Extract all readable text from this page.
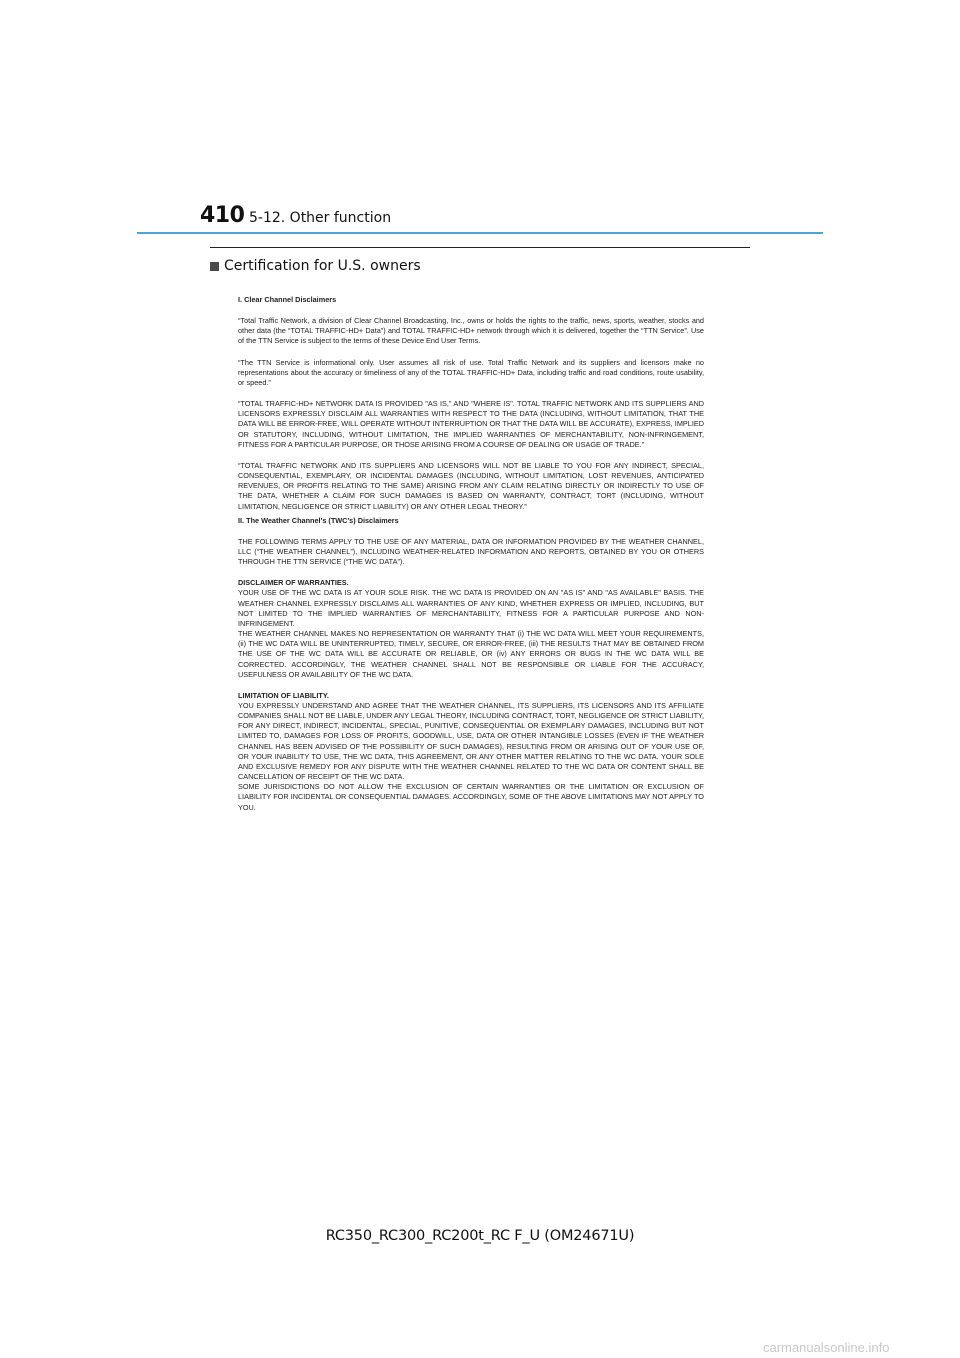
410 5-12. Other function
Certification for U.S. owners

I. Clear Channel Disclaimers

“Total Traffic Network, a division of Clear Channel Broadcasting, Inc., owns or holds the rights to the traffic, news, sports, weather, stocks and other data (the “TOTAL TRAFFIC-HD+ Data”) and TOTAL TRAFFIC-HD+ network through which it is delivered, together the “TTN Service”. Use of the TTN Service is subject to the terms of these Device End User Terms.

“The TTN Service is informational only. User assumes all risk of use. Total Traffic Network and its suppliers and licensors make no representations about the accuracy or timeliness of any of the TOTAL TRAFFIC-HD+ Data, including traffic and road conditions, route usability, or speed.”

“TOTAL TRAFFIC-HD+ NETWORK DATA IS PROVIDED "AS IS," AND "WHERE IS". TOTAL TRAFFIC NETWORK AND ITS SUPPLIERS AND LICENSORS EXPRESSLY DISCLAIM ALL WARRANTIES WITH RESPECT TO THE DATA (INCLUDING, WITHOUT LIMITATION, THAT THE DATA WILL BE ERROR-FREE, WILL OPERATE WITHOUT INTERRUPTION OR THAT THE DATA WILL BE ACCURATE), EXPRESS, IMPLIED OR STATUTORY, INCLUDING, WITHOUT LIMITATION, THE IMPLIED WARRANTIES OF MERCHANTABILITY, NON-INFRINGEMENT, FITNESS FOR A PARTICULAR PURPOSE, OR THOSE ARISING FROM A COURSE OF DEALING OR USAGE OF TRADE.”

“TOTAL TRAFFIC NETWORK AND ITS SUPPLIERS AND LICENSORS WILL NOT BE LIABLE TO YOU FOR ANY INDIRECT, SPECIAL, CONSEQUENTIAL, EXEMPLARY, OR INCIDENTAL DAMAGES (INCLUDING, WITHOUT LIMITATION, LOST REVENUES, ANTICIPATED REVENUES, OR PROFITS RELATING TO THE SAME) ARISING FROM ANY CLAIM RELATING DIRECTLY OR INDIRECTLY TO USE OF THE DATA, WHETHER A CLAIM FOR SUCH DAMAGES IS BASED ON WARRANTY, CONTRACT, TORT (INCLUDING, WITHOUT LIMITATION, NEGLIGENCE OR STRICT LIABILITY) OR ANY OTHER LEGAL THEORY.”

II. The Weather Channel's (TWC's) Disclaimers

THE FOLLOWING TERMS APPLY TO THE USE OF ANY MATERIAL, DATA OR INFORMATION PROVIDED BY THE WEATHER CHANNEL, LLC (“THE WEATHER CHANNEL”), INCLUDING WEATHER-RELATED INFORMATION AND REPORTS, OBTAINED BY YOU OR OTHERS THROUGH THE TTN SERVICE (“THE WC DATA”).

DISCLAIMER OF WARRANTIES.

YOUR USE OF THE WC DATA IS AT YOUR SOLE RISK. THE WC DATA IS PROVIDED ON AN "AS IS" AND "AS AVAILABLE" BASIS. THE WEATHER CHANNEL EXPRESSLY DISCLAIMS ALL WARRANTIES OF ANY KIND, WHETHER EXPRESS OR IMPLIED, INCLUDING, BUT NOT LIMITED TO THE IMPLIED WARRANTIES OF MERCHANTABILITY, FITNESS FOR A PARTICULAR PURPOSE AND NON-INFRINGEMENT.

THE WEATHER CHANNEL MAKES NO REPRESENTATION OR WARRANTY THAT (i) THE WC DATA WILL MEET YOUR REQUIREMENTS, (ii) THE WC DATA WILL BE UNINTERRUPTED, TIMELY, SECURE, OR ERROR-FREE, (iii) THE RESULTS THAT MAY BE OBTAINED FROM THE USE OF THE WC DATA WILL BE ACCURATE OR RELIABLE, OR (iv) ANY ERRORS OR BUGS IN THE WC DATA WILL BE CORRECTED. ACCORDINGLY, THE WEATHER CHANNEL SHALL NOT BE RESPONSIBLE OR LIABLE FOR THE ACCURACY, USEFULNESS OR AVAILABILITY OF THE WC DATA.

LIMITATION OF LIABILITY.

YOU EXPRESSLY UNDERSTAND AND AGREE THAT THE WEATHER CHANNEL, ITS SUPPLIERS, ITS LICENSORS AND ITS AFFILIATE COMPANIES SHALL NOT BE LIABLE, UNDER ANY LEGAL THEORY, INCLUDING CONTRACT, TORT, NEGLIGENCE OR STRICT LIABILITY, FOR ANY DIRECT, INDIRECT, INCIDENTAL, SPECIAL, PUNITIVE, CONSEQUENTIAL OR EXEMPLARY DAMAGES, INCLUDING BUT NOT LIMITED TO, DAMAGES FOR LOSS OF PROFITS, GOODWILL, USE, DATA OR OTHER INTANGIBLE LOSSES (EVEN IF THE WEATHER CHANNEL HAS BEEN ADVISED OF THE POSSIBILITY OF SUCH DAMAGES), RESULTING FROM OR ARISING OUT OF YOUR USE OF, OR YOUR INABILITY TO USE, THE WC DATA, THIS AGREEMENT, OR ANY OTHER MATTER RELATING TO THE WC DATA. YOUR SOLE AND EXCLUSIVE REMEDY FOR ANY DISPUTE WITH THE WEATHER CHANNEL RELATED TO THE WC DATA OR CONTENT SHALL BE CANCELLATION OF RECEIPT OF THE WC DATA.

SOME JURISDICTIONS DO NOT ALLOW THE EXCLUSION OF CERTAIN WARRANTIES OR THE LIMITATION OR EXCLUSION OF LIABILITY FOR INCIDENTAL OR CONSEQUENTIAL DAMAGES. ACCORDINGLY, SOME OF THE ABOVE LIMITATIONS MAY NOT APPLY TO YOU.

RC350_RC300_RC200t_RC F_U (OM24671U)
carmanualsonline.info
